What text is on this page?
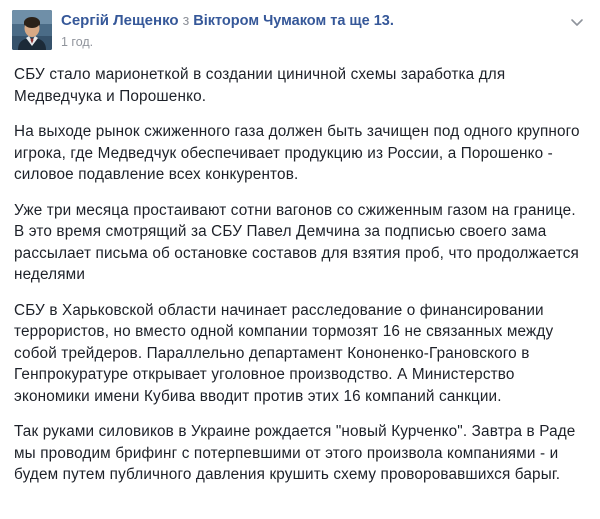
Сергій Лещенко з Віктором Чумаком та ще 13.
1 год.

СБУ стало марионеткой в создании циничной схемы заработка для Медведчука и Порошенко.

На выходе рынок сжиженного газа должен быть зачищен под одного крупного игрока, где Медведчук обеспечивает продукцию из России, а Порошенко - силовое подавление всех конкурентов.

Уже три месяца простаивают сотни вагонов со сжиженным газом на границе. В это время смотрящий за СБУ Павел Демчина за подписью своего зама рассылает письма об остановке составов для взятия проб, что продолжается неделями

СБУ в Харьковской области начинает расследование о финансировании террористов, но вместо одной компании тормозят 16 не связанных между собой трейдеров. Параллельно департамент Кононенко-Грановского в Генпрокуратуре открывает уголовное производство. А Министерство экономики имени Кубива вводит против этих 16 компаний санкции.

Так руками силовиков в Украине рождается "новый Курченко". Завтра в Раде мы проводим брифинг с потерпевшими от этого произвола компаниями - и будем путем публичного давления крушить схему проворовавшихся барыг.
